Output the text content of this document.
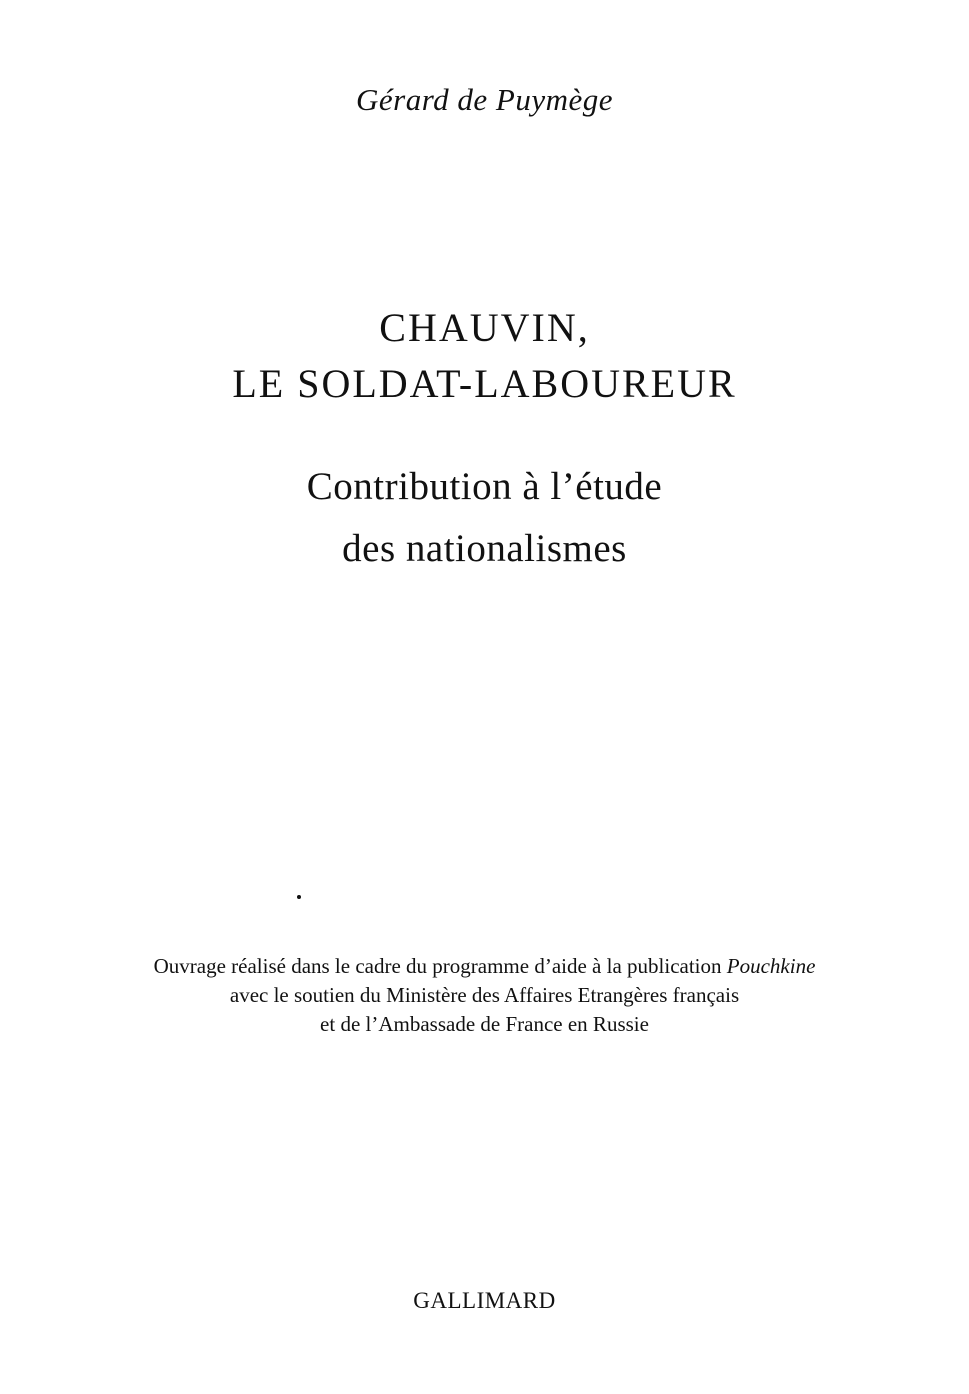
Gérard de Puymège
CHAUVIN,
LE SOLDAT-LABOUREUR
Contribution à l’étude
des nationalismes
Ouvrage réalisé dans le cadre du programme d’aide à la publication Pouchkine
avec le soutien du Ministère des Affaires Etrangères français
et de l’Ambassade de France en Russie
GALLIMARD
